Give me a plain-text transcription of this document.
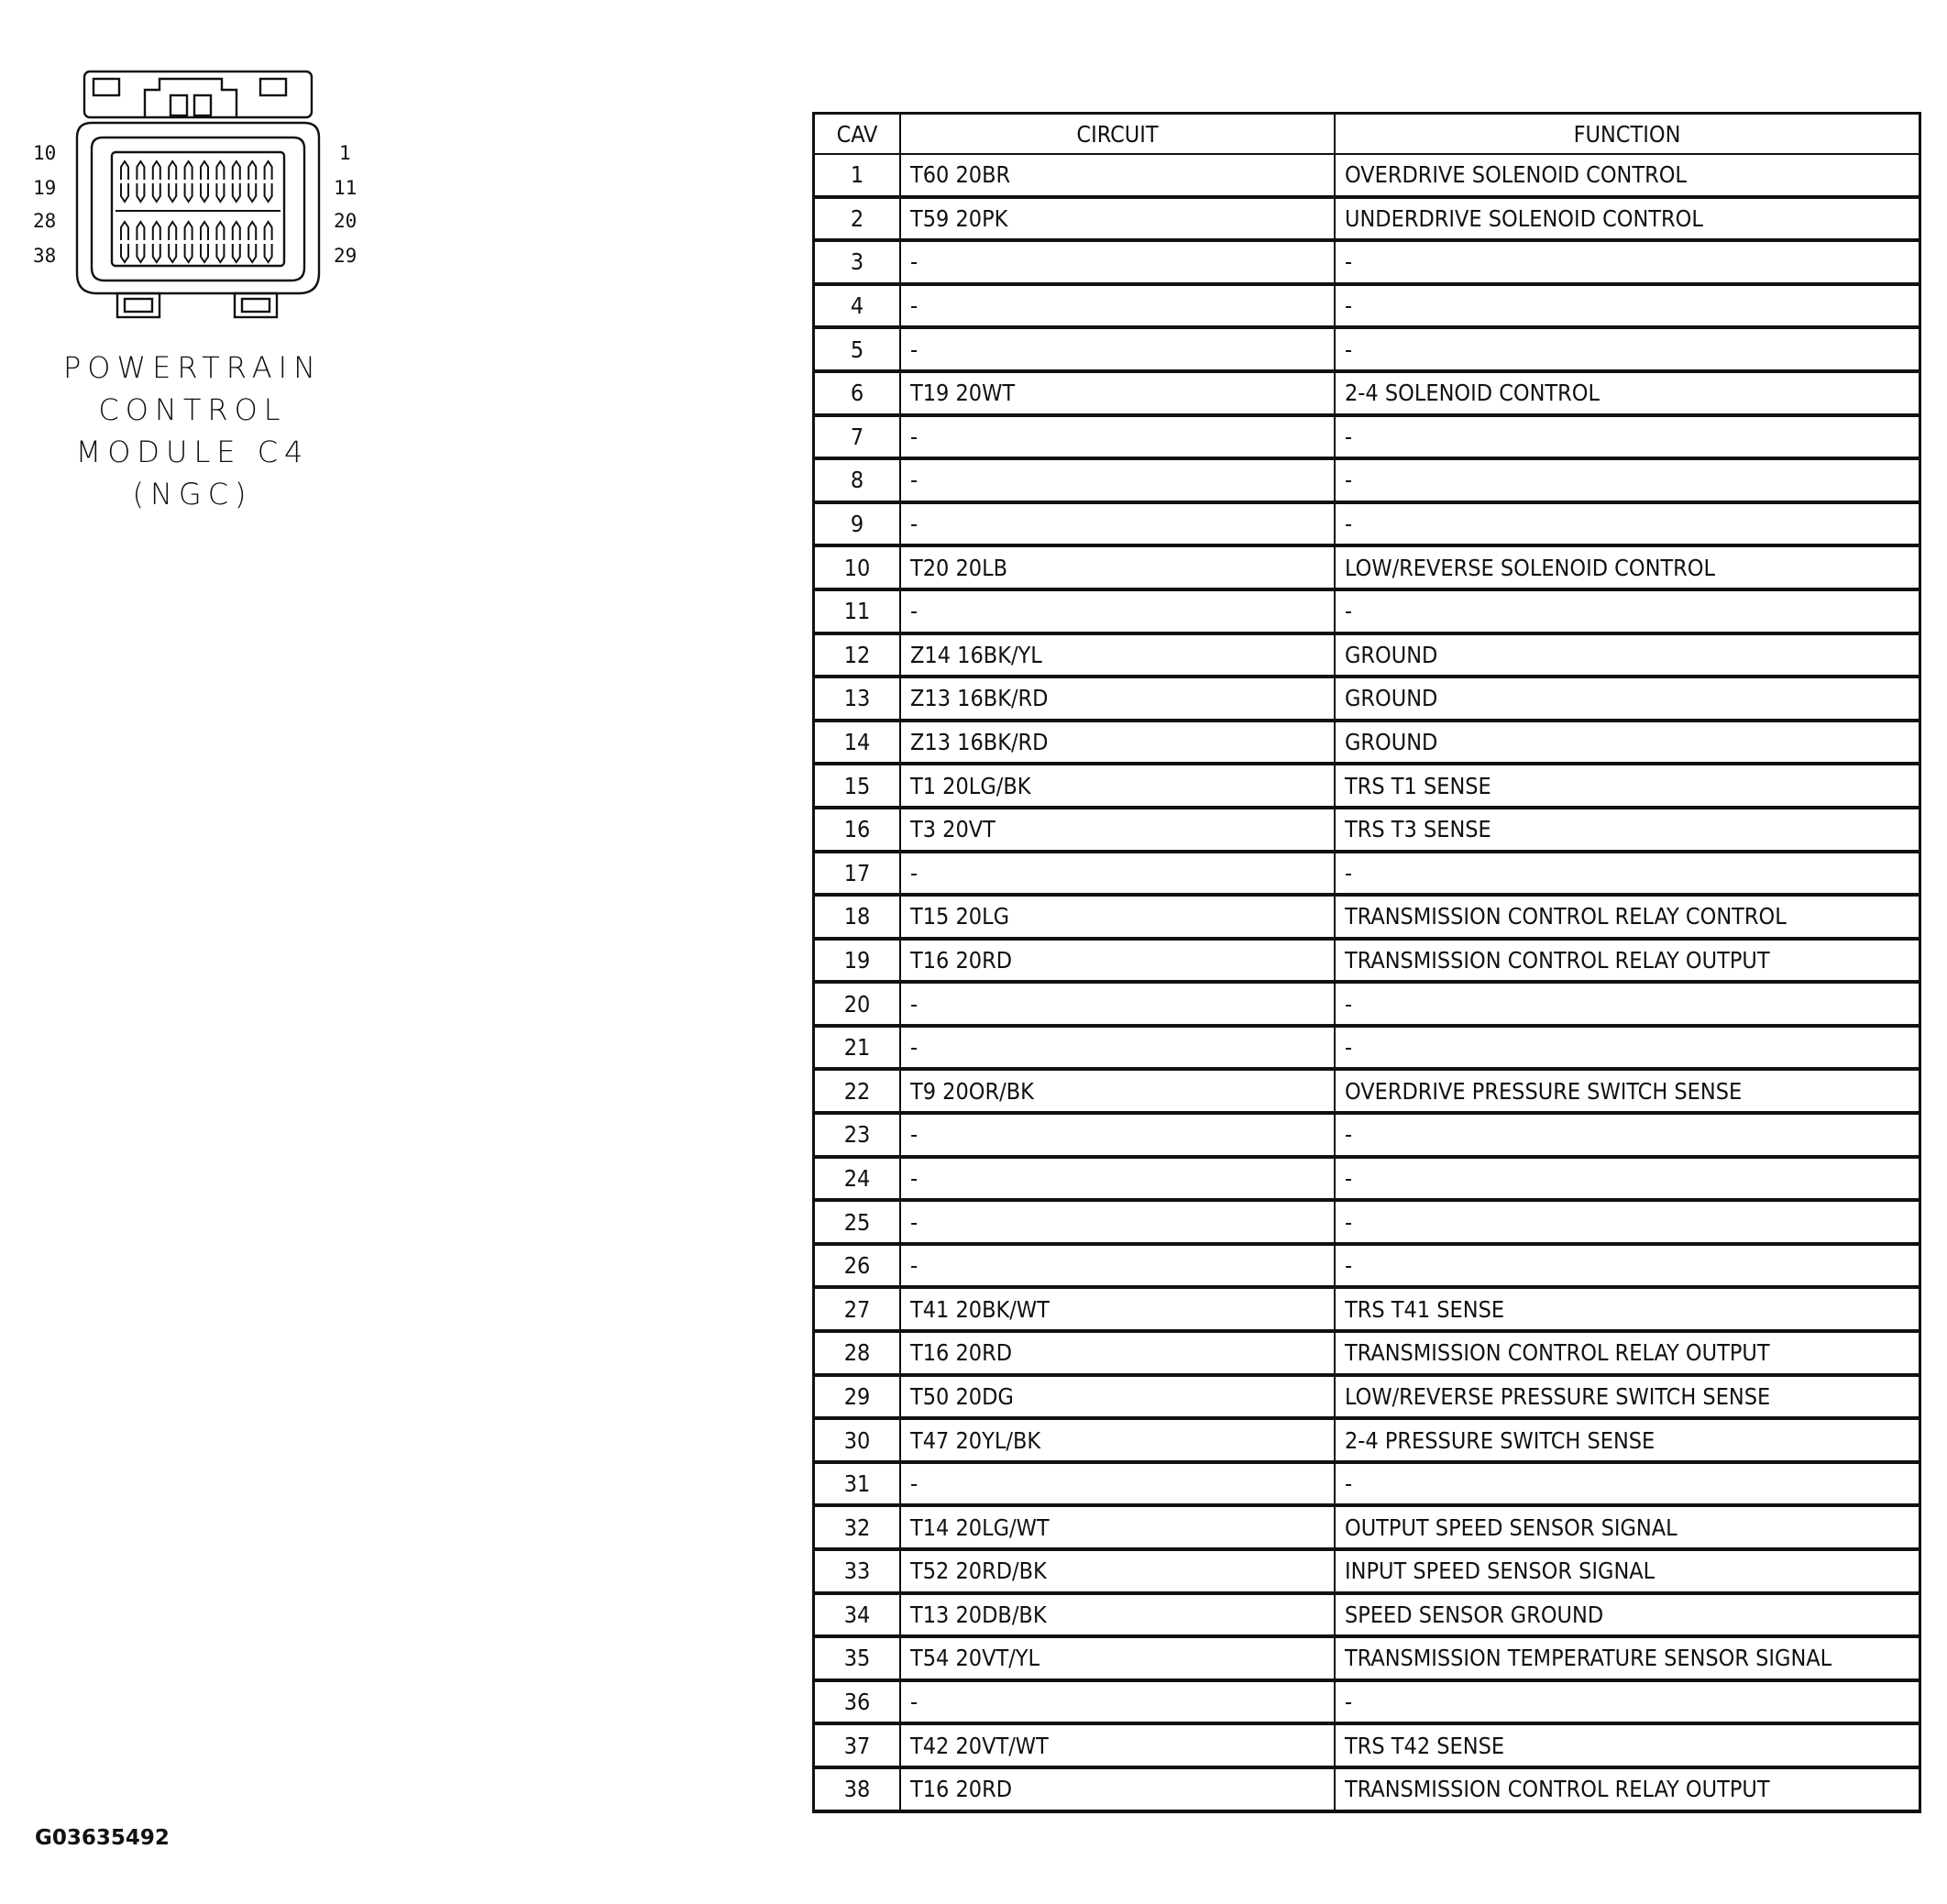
10
19
28
38
1
11
20
29
POWERTRAIN
CONTROL
MODULE C4
(NGC)
CAV	CIRCUIT	FUNCTION
1	T60 20BR	OVERDRIVE SOLENOID CONTROL
2	T59 20PK	UNDERDRIVE SOLENOID CONTROL
3	-	-
4	-	-
5	-	-
6	T19 20WT	2-4 SOLENOID CONTROL
7	-	-
8	-	-
9	-	-
10	T20 20LB	LOW/REVERSE SOLENOID CONTROL
11	-	-
12	Z14 16BK/YL	GROUND
13	Z13 16BK/RD	GROUND
14	Z13 16BK/RD	GROUND
15	T1 20LG/BK	TRS T1 SENSE
16	T3 20VT	TRS T3 SENSE
17	-	-
18	T15 20LG	TRANSMISSION CONTROL RELAY CONTROL
19	T16 20RD	TRANSMISSION CONTROL RELAY OUTPUT
20	-	-
21	-	-
22	T9 20OR/BK	OVERDRIVE PRESSURE SWITCH SENSE
23	-	-
24	-	-
25	-	-
26	-	-
27	T41 20BK/WT	TRS T41 SENSE
28	T16 20RD	TRANSMISSION CONTROL RELAY OUTPUT
29	T50 20DG	LOW/REVERSE PRESSURE SWITCH SENSE
30	T47 20YL/BK	2-4 PRESSURE SWITCH SENSE
31	-	-
32	T14 20LG/WT	OUTPUT SPEED SENSOR SIGNAL
33	T52 20RD/BK	INPUT SPEED SENSOR SIGNAL
34	T13 20DB/BK	SPEED SENSOR GROUND
35	T54 20VT/YL	TRANSMISSION TEMPERATURE SENSOR SIGNAL
36	-	-
37	T42 20VT/WT	TRS T42 SENSE
38	T16 20RD	TRANSMISSION CONTROL RELAY OUTPUT
G03635492
